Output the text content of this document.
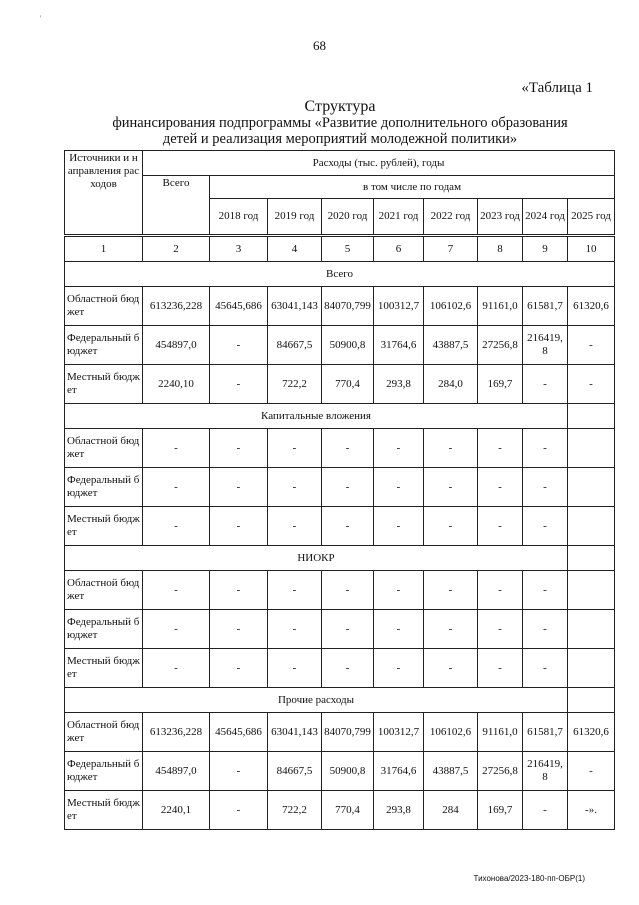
'
68
«Таблица 1
Структура
финансирования подпрограммы «Развитие дополнительного образования
детей и реализация мероприятий молодежной политики»
Источники и направления расходов	Расходы (тыс. рублей), годы								
	Всего	в том числе по годам							
		2018 год	2019 год	2020 год	2021 год	2022 год	2023 год	2024 год	2025 год

1	2	3	4	5	6	7	8	9	10
Всего									
Областной бюджет	613236,228	45645,686	63041,143	84070,799	100312,7	106102,6	91161,0	61581,7	61320,6
Федеральный бюджет	454897,0	-	84667,5	50900,8	31764,6	43887,5	27256,8	216419,8	-
Местный бюджет	2240,10	-	722,2	770,4	293,8	284,0	169,7	-	-
Капитальные вложения									
Областной бюджет	-	-	-	-	-	-	-	-	
Федеральный бюджет	-	-	-	-	-	-	-	-	
Местный бюджет	-	-	-	-	-	-	-	-	
НИОКР									
Областной бюджет	-	-	-	-	-	-	-	-	
Федеральный бюджет	-	-	-	-	-	-	-	-	
Местный бюджет	-	-	-	-	-	-	-	-	
Прочие расходы									
Областной бюджет	613236,228	45645,686	63041,143	84070,799	100312,7	106102,6	91161,0	61581,7	61320,6
Федеральный бюджет	454897,0	-	84667,5	50900,8	31764,6	43887,5	27256,8	216419,8	-
Местный бюджет	2240,1	-	722,2	770,4	293,8	284	169,7	-	-».
Тихонова/2023-180-пп-ОБР(1)
